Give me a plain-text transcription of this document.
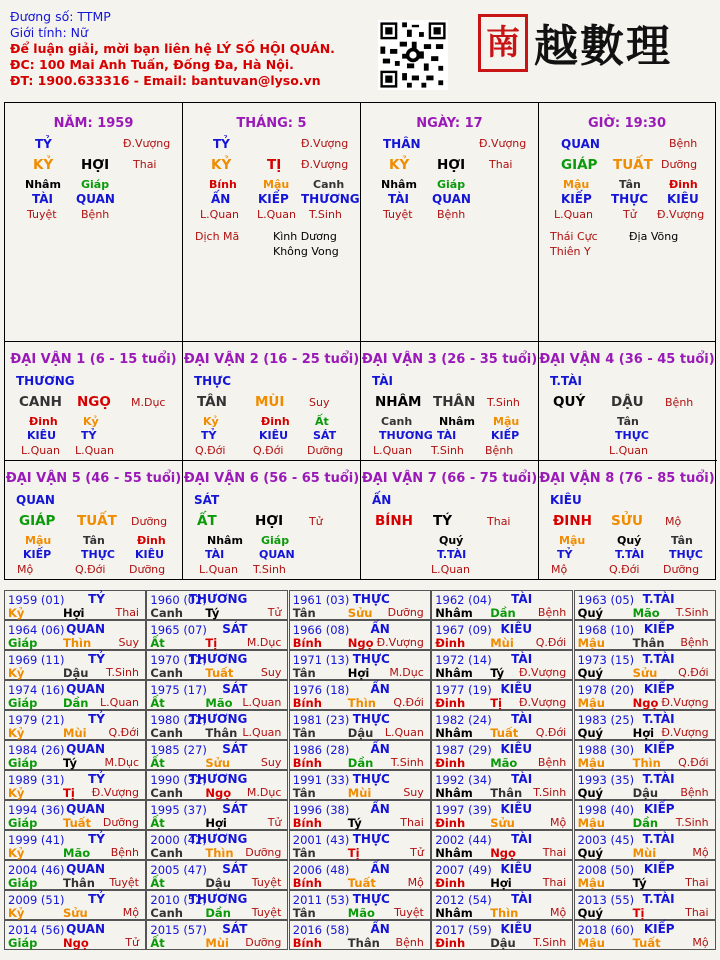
Đương số: TTMP
Giới tính: Nữ
Để luận giải, mời bạn liên hệ LÝ SỐ HỘI QUÁN.
ĐC: 100 Mai Anh Tuấn, Đống Đa, Hà Nội.
ĐT: 1900.633316 - Email: bantuvan@lyso.vn
南 越數理
NĂM: 1959
TỶ	Đ.Vượng
KỶ HỢI Thai
Nhâm
TÀI
Tuyệt
Giáp
QUAN
Bệnh
THÁNG: 5
TỶ	Đ.Vượng
KỶ	TỊ Đ.Vượng
Bính
ẤN
L.Quan
Mậu
KIẾP
L.Quan
Canh
THƯƠNG
T.Sinh
Dịch Mã	Kình Dương
Không Vong
NGÀY: 17
THÂN	Đ.Vượng
KỶ HỢI Thai
Nhâm
TÀI
Tuyệt
Giáp
QUAN
Bệnh
GIỜ: 19:30
QUAN	Bệnh
GIÁP TUẤT Dưỡng
Mậu
KIẾP
L.Quan
Tân
THỰC
Tử
Đinh
KIÊU
Đ.Vượng
Thái Cực	Địa Võng
Thiên Y
ĐẠI VẬN 1 (6 - 15 tuổi)
THƯƠNG
CANH NGỌ M.Dục
Đinh
KIÊU
L.Quan
Kỷ
TỶ
L.Quan
ĐẠI VẬN 2 (16 - 25 tuổi)
THỰC
TÂN MÙI Suy
Kỷ
TỶ
Q.Đới
Đinh
KIÊU
Q.Đới
Ất
SÁT
Dưỡng
ĐẠI VẬN 3 (26 - 35 tuổi)
TÀI
NHÂM THÂN T.Sinh
Canh
THƯƠNG
L.Quan
Nhâm
TÀI
T.Sinh
Mậu
KIẾP
Bệnh
ĐẠI VẬN 4 (36 - 45 tuổi)
T.TÀI
QUÝ DẬU Bệnh
Tân
THỰC
L.Quan
ĐẠI VẬN 5 (46 - 55 tuổi)
QUAN
GIÁP TUẤT Dưỡng
Mậu
KIẾP
Mộ
Tân
THỰC
Q.Đới
Đinh
KIÊU
Dưỡng
ĐẠI VẬN 6 (56 - 65 tuổi)
SÁT
ẤT	HỢI Tử
Nhâm
TÀI
L.Quan
Giáp
QUAN
T.Sinh
ĐẠI VẬN 7 (66 - 75 tuổi)
ẤN
BÍNH TÝ	Thai
Quý
T.TÀI
L.Quan
ĐẠI VẬN 8 (76 - 85 tuổi)
KIÊU
ĐINH SỬU Mộ
Mậu
TỶ
Mộ
Quý
T.TÀI
Q.Đới
Tân
THỰC
Dưỡng
1959 (01) TỶ
Kỷ	Hợi	Thai
1960 (02)
THƯƠNG
Canh Tý	Tử
1961 (03) THỰC
Tân	Sửu Dưỡng
1962 (04) TÀI
Nhâm Dần Bệnh
1963 (05) T.TÀI
Quý	Mão T.Sinh
1964 (06) QUAN
Giáp Thìn Suy
1965 (07) SÁT
Ất	Tị	M.Dục
1966 (08) ẤN
Bính Ngọ Đ.Vượng
1967 (09) KIÊU
Đinh Mùi Q.Đới
1968 (10) KIẾP
Mậu Thân Bệnh
1969 (11) TỶ
Kỷ	Dậu T.Sinh
1970 (12)
THƯƠNG
Canh Tuất	Suy
1971 (13) THỰC
Tân	Hợi M.Dục
1972 (14) TÀI
Nhâm Tý Đ.Vượng
1973 (15) T.TÀI
Quý	Sửu Q.Đới
1974 (16) QUAN
Giáp Dần L.Quan
1975 (17) SÁT
Ất	Mão L.Quan
1976 (18) ẤN
Bính Thìn Q.Đới
1977 (19) KIÊU
Đinh Tị Đ.Vượng
1978 (20) KIẾP
Mậu Ngọ Đ.Vượng
1979 (21) TỶ
Kỷ	Mùi Q.Đới
1980 (22)
THƯƠNG
Canh Thân L.Quan
1981 (23) THỰC
Tân	Dậu L.Quan
1982 (24) TÀI
Nhâm Tuất Q.Đới
1983 (25) T.TÀI
Quý	Hợi Đ.Vượng
1984 (26) QUAN
Giáp Tý	M.Dục
1985 (27) SÁT
Ất	Sửu	Suy
1986 (28) ẤN
Bính Dần T.Sinh
1987 (29) KIÊU
Đinh Mão Bệnh
1988 (30) KIẾP
Mậu Thìn Q.Đới
1989 (31) TỶ
Kỷ	Tị Đ.Vượng
1990 (32)
THƯƠNG
Canh Ngọ M.Dục
1991 (33) THỰC
Tân	Mùi	Suy
1992 (34) TÀI
Nhâm Thân T.Sinh
1993 (35) T.TÀI
Quý	Dậu Bệnh
1994 (36) QUAN
Giáp Tuất Dưỡng
1995 (37) SÁT
Ất	Hợi	Tử
1996 (38) ẤN
Bính Tý	Thai
1997 (39) KIÊU
Đinh Sửu	Mộ
1998 (40) KIẾP
Mậu Dần T.Sinh
1999 (41) TỶ
Kỷ	Mão Bệnh
2000 (42)
THƯƠNG
Canh Thìn Dưỡng
2001 (43) THỰC
Tân	Tị	Tử
2002 (44) TÀI
Nhâm Ngọ Thai
2003 (45) T.TÀI
Quý	Mùi	Mộ
2004 (46) QUAN
Giáp Thân Tuyệt
2005 (47) SÁT
Ất	Dậu Tuyệt
2006 (48) ẤN
Bính Tuất	Mộ
2007 (49) KIÊU
Đinh Hợi	Thai
2008 (50) KIẾP
Mậu Tý	Thai
2009 (51) TỶ
Kỷ	Sửu	Mộ
2010 (52)
THƯƠNG
Canh Dần Tuyệt
2011 (53) THỰC
Tân	Mão Tuyệt
2012 (54) TÀI
Nhâm Thìn	Mộ
2013 (55) T.TÀI
Quý	Tị	Thai
2014 (56) QUAN
Giáp Ngọ	Tử
2015 (57) SÁT
Ất	Mùi Dưỡng
2016 (58) ẤN
Bính Thân Bệnh
2017 (59) KIÊU
Đinh Dậu T.Sinh
2018 (60) KIẾP
Mậu Tuất	Mộ
